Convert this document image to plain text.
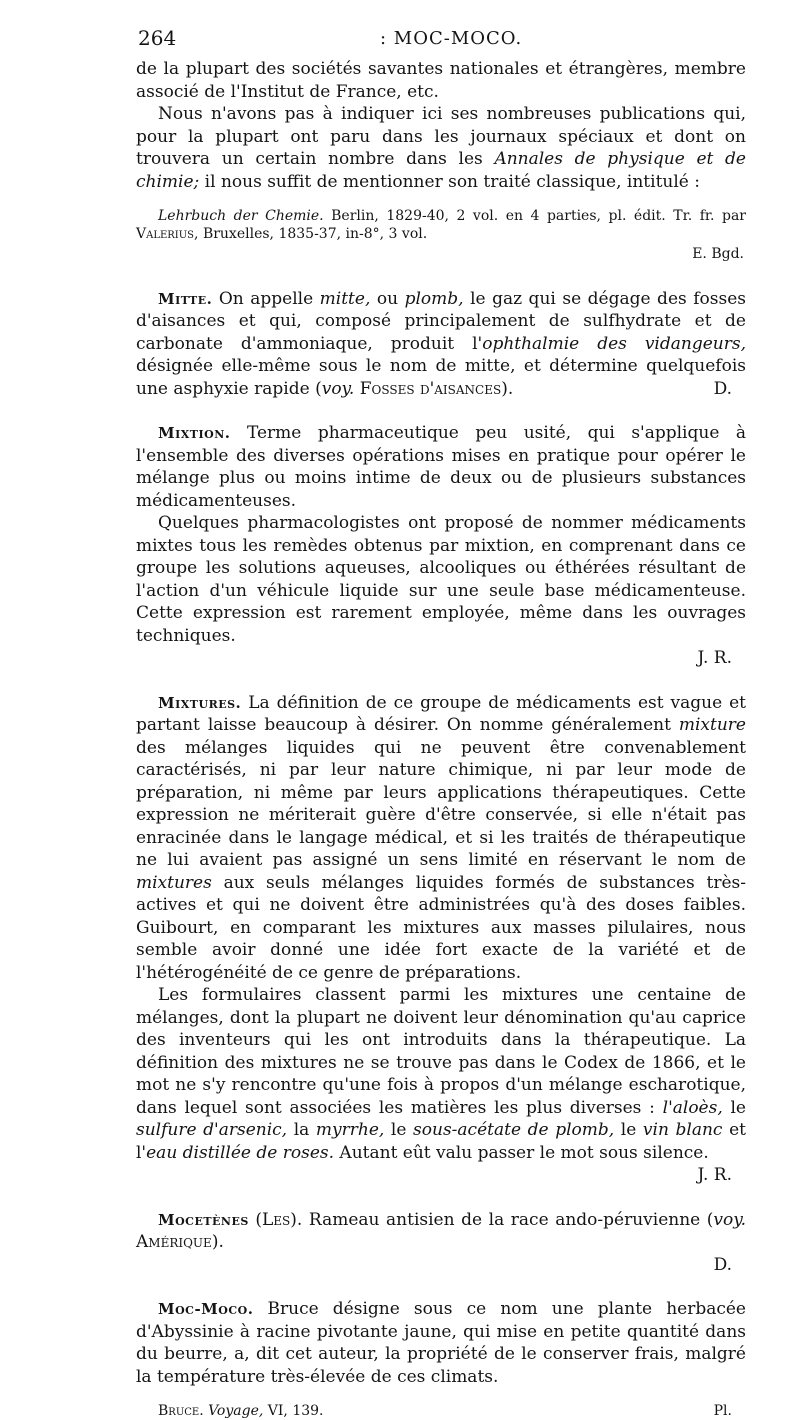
264	: MOC-MOCO.

de la plupart des sociétés savantes nationales et étrangères, membre associé de l'Institut de France, etc.

Nous n'avons pas à indiquer ici ses nombreuses publications qui, pour la plupart ont paru dans les journaux spéciaux et dont on trouvera un certain nombre dans les Annales de physique et de chimie; il nous suffit de mentionner son traité classique, intitulé :

Lehrbuch der Chemie. Berlin, 1829-40, 2 vol. en 4 parties, pl. édit. Tr. fr. par Valerius, Bruxelles, 1835-37, in-8°, 3 vol.

E. Bgd.

Mitte. On appelle mitte, ou plomb, le gaz qui se dégage des fosses d'aisances et qui, composé principalement de sulfhydrate et de carbonate d'ammoniaque, produit l'ophthalmie des vidangeurs, désignée elle-même sous le nom de mitte, et détermine quelquefois une asphyxie rapide (voy. Fosses d'aisances).	D.

Mixtion. Terme pharmaceutique peu usité, qui s'applique à l'ensemble des diverses opérations mises en pratique pour opérer le mélange plus ou moins intime de deux ou de plusieurs substances médicamenteuses.

Quelques pharmacologistes ont proposé de nommer médicaments mixtes tous les remèdes obtenus par mixtion, en comprenant dans ce groupe les solutions aqueuses, alcooliques ou éthérées résultant de l'action d'un véhicule liquide sur une seule base médicamenteuse. Cette expression est rarement employée, même dans les ouvrages techniques.

J. R.

Mixtures. La définition de ce groupe de médicaments est vague et partant laisse beaucoup à désirer. On nomme généralement mixture des mélanges liquides qui ne peuvent être convenablement caractérisés, ni par leur nature chimique, ni par leur mode de préparation, ni même par leurs applications thérapeutiques. Cette expression ne mériterait guère d'être conservée, si elle n'était pas enracinée dans le langage médical, et si les traités de thérapeutique ne lui avaient pas assigné un sens limité en réservant le nom de mixtures aux seuls mélanges liquides formés de substances très-actives et qui ne doivent être administrées qu'à des doses faibles. Guibourt, en comparant les mixtures aux masses pilulaires, nous semble avoir donné une idée fort exacte de la variété et de l'hétérogénéité de ce genre de préparations.

Les formulaires classent parmi les mixtures une centaine de mélanges, dont la plupart ne doivent leur dénomination qu'au caprice des inventeurs qui les ont introduits dans la thérapeutique. La définition des mixtures ne se trouve pas dans le Codex de 1866, et le mot ne s'y rencontre qu'une fois à propos d'un mélange escharotique, dans lequel sont associées les matières les plus diverses : l'aloès, le sulfure d'arsenic, la myrrhe, le sous-acétate de plomb, le vin blanc et l'eau distillée de roses. Autant eût valu passer le mot sous silence.
J. R.

Mocetènes (Les). Rameau antisien de la race ando-péruvienne (voy. Amérique).

D.

Moc-Moco. Bruce désigne sous ce nom une plante herbacée d'Abyssinie à racine pivotante jaune, qui mise en petite quantité dans du beurre, a, dit cet auteur, la propriété de le conserver frais, malgré la température très-élevée de ces climats.

Bruce. Voyage, VI, 139.	Pl.
